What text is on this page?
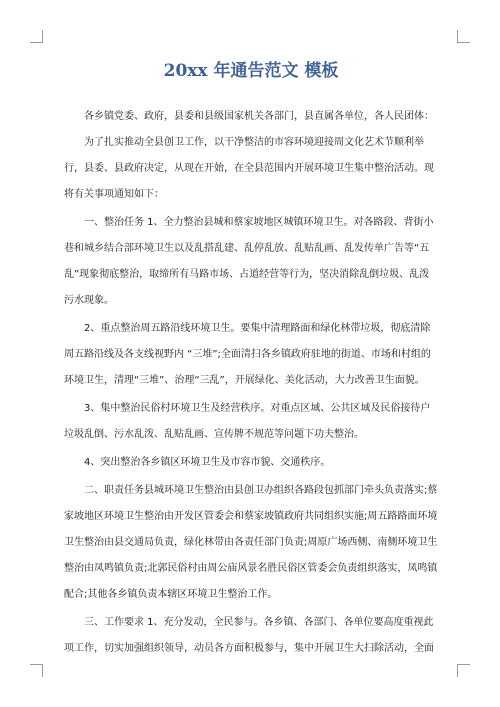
20xx 年通告范文 模板

各乡镇党委、政府，县委和县级国家机关各部门，县直属各单位，各人民团体：

为了扎实推动全县创卫工作，以干净整洁的市容环境迎接周文化艺术节顺利举行，县委、县政府决定，从现在开始，在全县范围内开展环境卫生集中整治活动。现将有关事项通知如下：

一、整治任务 1、全力整治县城和蔡家坡地区城镇环境卫生。对各路段、背街小巷和城乡结合部环境卫生以及乱搭乱建、乱停乱放、乱贴乱画、乱发传单广告等“五乱”现象彻底整治，取缔所有马路市场、占道经营等行为，坚决消除乱倒垃圾、乱泼污水现象。

2、重点整治周五路沿线环境卫生。要集中清理路面和绿化林带垃圾，彻底清除周五路沿线及各支线视野内 “三堆”;全面清扫各乡镇政府驻地的街道、市场和村组的环境卫生，清理“三堆”、治理“三乱”，开展绿化、美化活动，大力改善卫生面貌。

3、集中整治民俗村环境卫生及经营秩序。对重点区域、公共区域及民俗接待户垃圾乱倒、污水乱泼、乱贴乱画、宣传牌不规范等问题下功夫整治。

4、突出整治各乡镇区环境卫生及市容市貌、交通秩序。

二、职责任务县城环境卫生整治由县创卫办组织各路段包抓部门牵头负责落实;蔡家坡地区环境卫生整治由开发区管委会和蔡家坡镇政府共同组织实施;周五路路面环境卫生整治由县交通局负责，绿化林带由各责任部门负责;周原广场西侧、南侧环境卫生整治由凤鸣镇负责;北郭民俗村由周公庙风景名胜民俗区管委会负责组织落实，凤鸣镇配合;其他各乡镇负责本辖区环境卫生整治工作。

三、工作要求 1、充分发动，全民参与。各乡镇、各部门、各单位要高度重视此项工作，切实加强组织领导，动员各方面积极参与，集中开展卫生大扫除活动，全面
